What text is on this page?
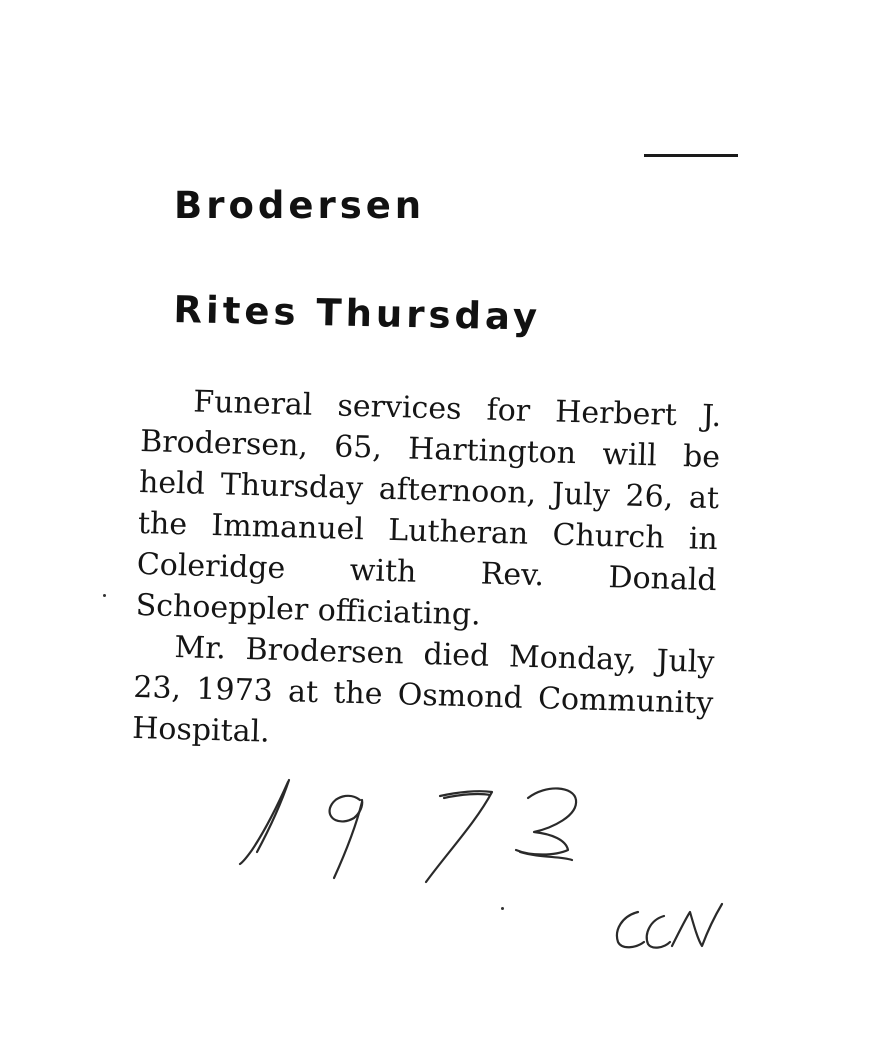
Brodersen
Rites Thursday

Funeral services for Herbert J. Brodersen, 65, Hartington will be held Thursday afternoon, July 26, at the Immanuel Lutheran Church in Coleridge with Rev. Donald Schoeppler officiating.

Mr. Brodersen died Monday, July 23, 1973 at the Osmond Community Hospital.
